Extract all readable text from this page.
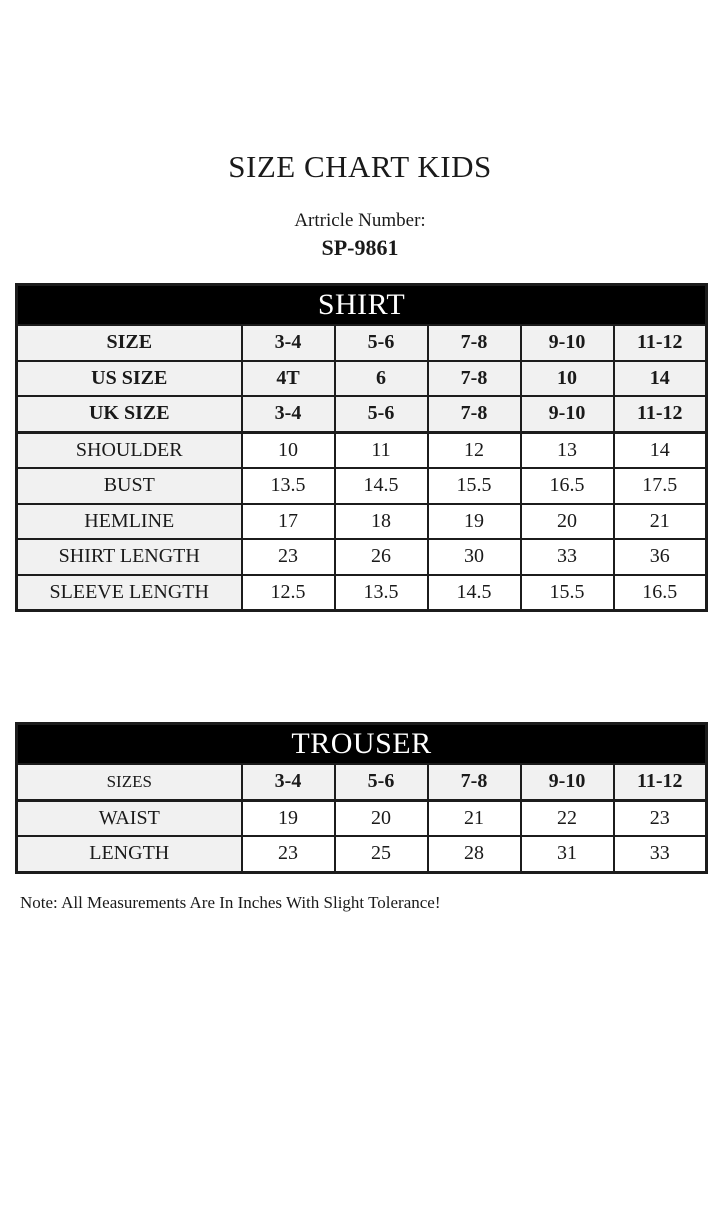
SIZE CHART KIDS
Artricle Number:
SP-9861
SHIRT					
SIZE	3-4	5-6	7-8	9-10	11-12
US SIZE	4T	6	7-8	10	14
UK SIZE	3-4	5-6	7-8	9-10	11-12
SHOULDER	10	11	12	13	14
BUST	13.5	14.5	15.5	16.5	17.5
HEMLINE	17	18	19	20	21
SHIRT LENGTH	23	26	30	33	36
SLEEVE LENGTH	12.5	13.5	14.5	15.5	16.5
TROUSER					
SIZES	3-4	5-6	7-8	9-10	11-12
WAIST	19	20	21	22	23
LENGTH	23	25	28	31	33
Note: All Measurements Are In Inches With Slight Tolerance!
